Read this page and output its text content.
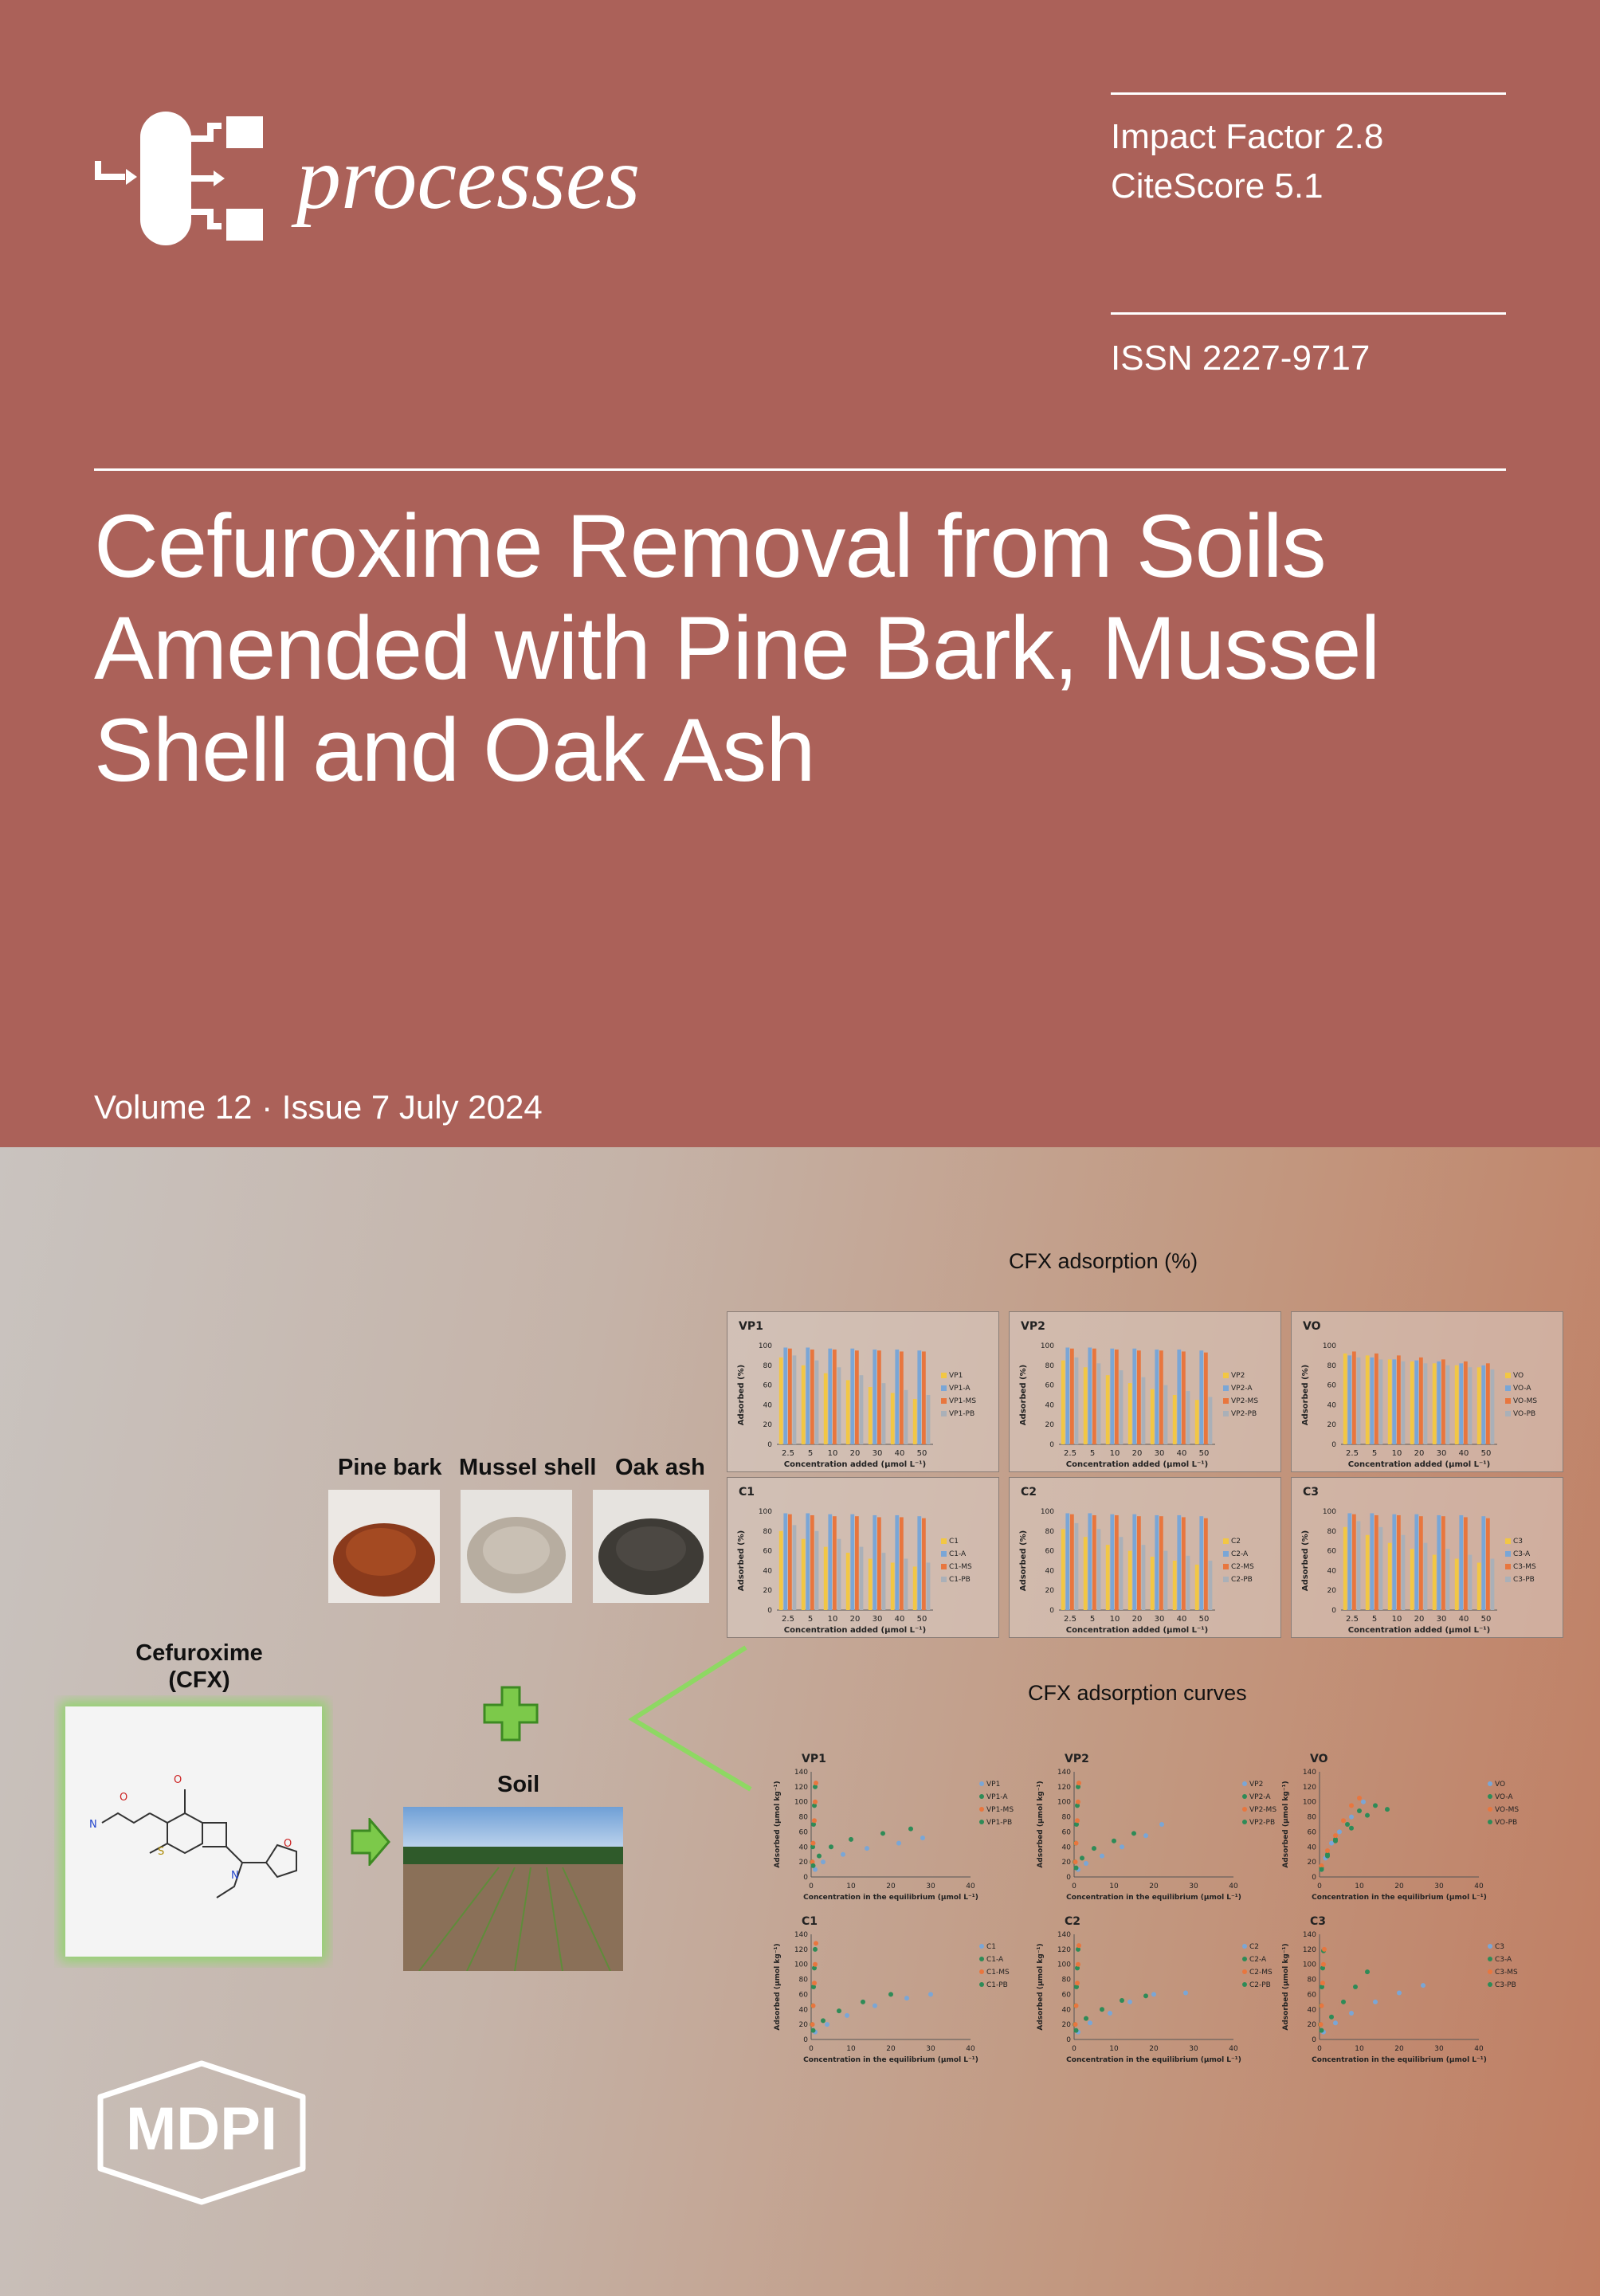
processes	Impact Factor 2.8
CiteScore 5.1
ISSN 2227-9717
Cefuroxime Removal from Soils
Amended with Pine Bark, Mussel
Shell and Oak Ash
Volume 12 · Issue 7 July 2024
CFX adsorption (%)
CFX adsorption curves
Pine bark Mussel shell Oak ash
Cefuroxime
(CFX)
N
O
O
S
N
O
Soil
VP1
Adsorbed (%)
0
20
40
60
80
100
2.5 5 10 20 30 40 50
Concentration added (µmol L⁻¹)
VP1
VP1-A
VP1-MS
VP1-PB
VP2
Adsorbed (%)
0
20
40
60
80
100
2.5 5 10 20 30 40 50
Concentration added (µmol L⁻¹)
VP2
VP2-A
VP2-MS
VP2-PB
VO
Adsorbed (%)
0
20
40
60
80
100
2.5 5 10 20 30 40 50
Concentration added (µmol L⁻¹)
VO
VO-A
VO-MS
VO-PB
C1
Adsorbed (%)
0
20
40
60
80
100
2.5 5 10 20 30 40 50
Concentration added (µmol L⁻¹)
C1
C1-A
C1-MS
C1-PB
C2
Adsorbed (%)
0
20
40
60
80
100
2.5 5 10 20 30 40 50
Concentration added (µmol L⁻¹)
C2
C2-A
C2-MS
C2-PB
C3
Adsorbed (%)
0
20
40
60
80
100
2.5 5 10 20 30 40 50
Concentration added (µmol L⁻¹)
C3
C3-A
C3-MS
C3-PB
VP1
Adsorbed (µmol kg⁻¹)
0
20
40
60
80
100
120
140
0	10	20	30	40
Concentration in the equilibrium (µmol L⁻¹)
VP1
VP1-A
VP1-MS
VP1-PB
VP2
Adsorbed (µmol kg⁻¹)
0
20
40
60
80
100
120
140
0	10	20	30	40
Concentration in the equilibrium (µmol L⁻¹)
VP2
VP2-A
VP2-MS
VP2-PB
VO
Adsorbed (µmol kg⁻¹)
0
20
40
60
80
100
120
140
0	10	20	30	40
Concentration in the equilibrium (µmol L⁻¹)
VO
VO-A
VO-MS
VO-PB
C1
Adsorbed (µmol kg⁻¹)
0
20
40
60
80
100
120
140
0	10	20	30	40
Concentration in the equilibrium (µmol L⁻¹)
C1
C1-A
C1-MS
C1-PB
C2
Adsorbed (µmol kg⁻¹)
0
20
40
60
80
100
120
140
0	10	20	30	40
Concentration in the equilibrium (µmol L⁻¹)
C2
C2-A
C2-MS
C2-PB
C3
Adsorbed (µmol kg⁻¹)
0
20
40
60
80
100
120
140
0	10	20	30	40
Concentration in the equilibrium (µmol L⁻¹)
C3
C3-A
C3-MS
C3-PB
MDPI
